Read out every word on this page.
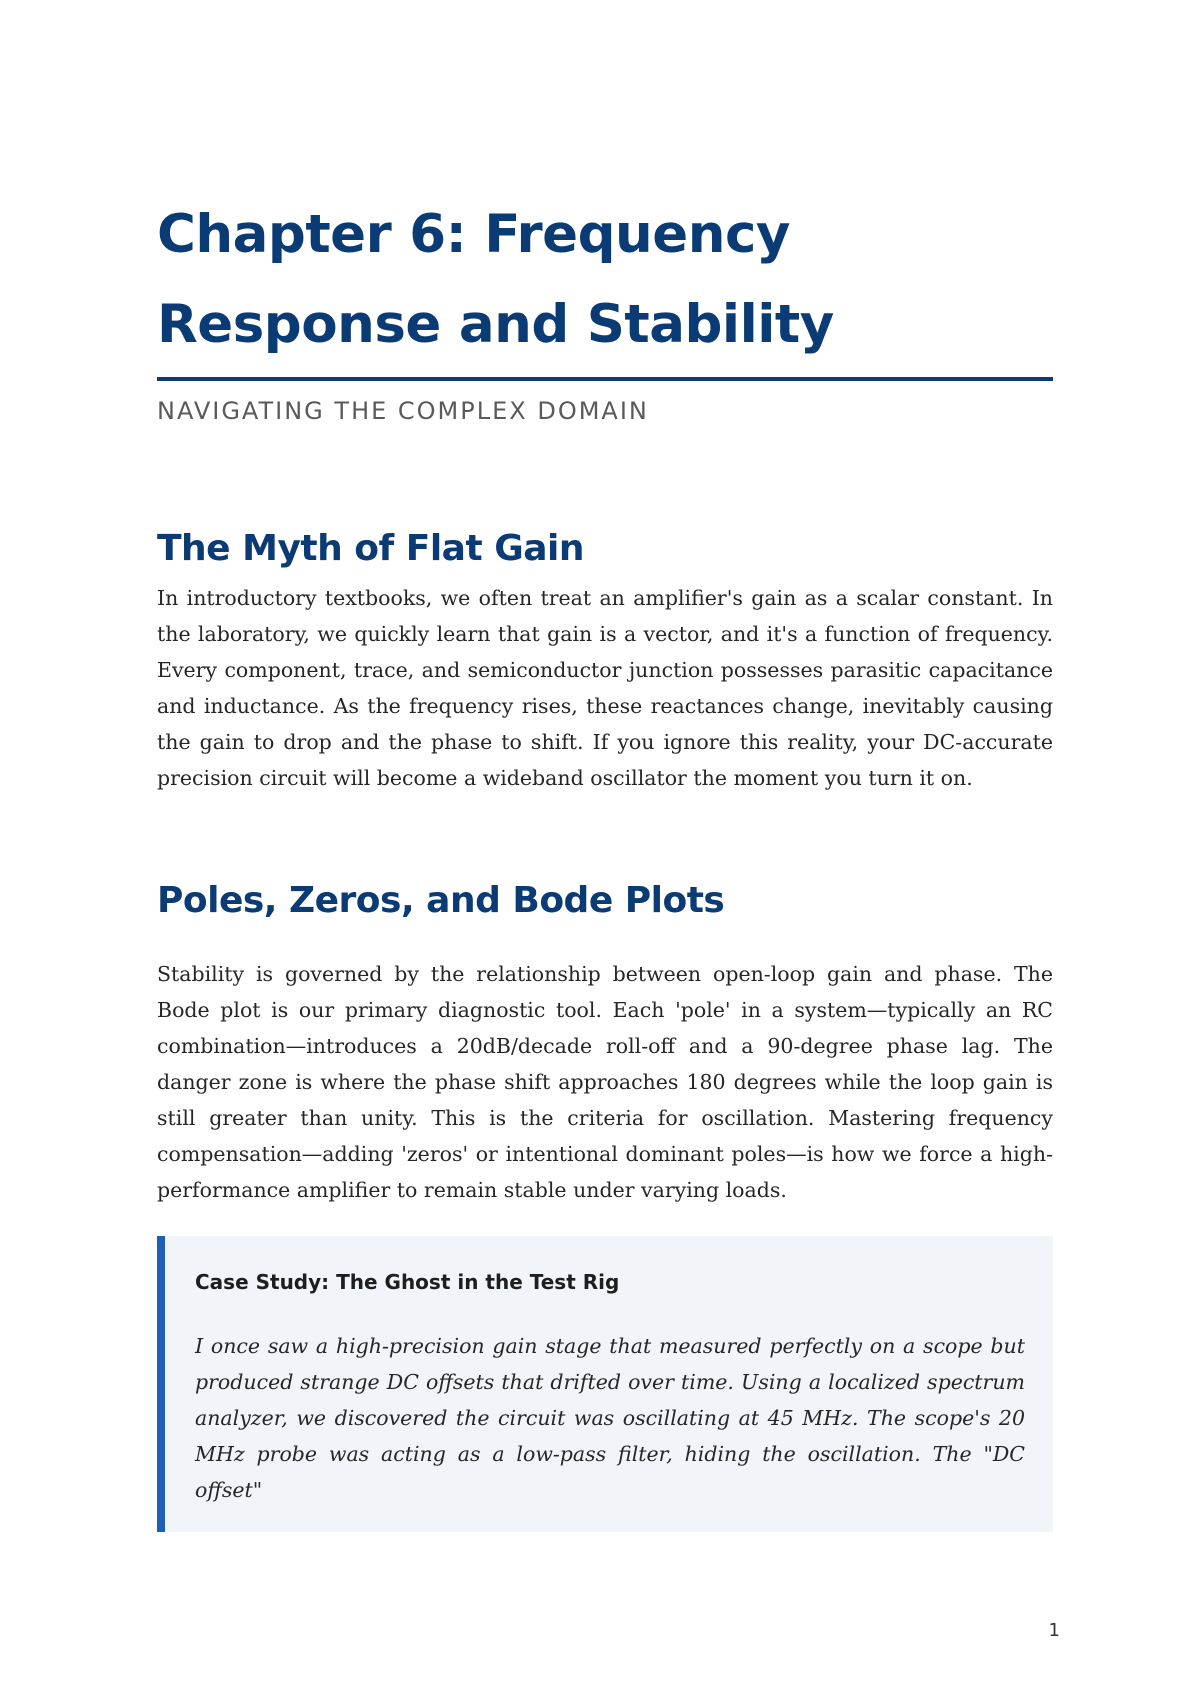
Chapter 6: Frequency
Response and Stability
NAVIGATING THE COMPLEX DOMAIN
The Myth of Flat Gain

In introductory textbooks, we often treat an amplifier's gain as a scalar constant. In the laboratory, we quickly learn that gain is a vector, and it's a function of frequency. Every component, trace, and semiconductor junction possesses parasitic capacitance and inductance. As the frequency rises, these reactances change, inevitably causing the gain to drop and the phase to shift. If you ignore this reality, your DC-accurate precision circuit will become a wideband oscillator the moment you turn it on.

Poles, Zeros, and Bode Plots

Stability is governed by the relationship between open-loop gain and phase. The Bode plot is our primary diagnostic tool. Each 'pole' in a system—typically an RC combination—introduces a 20dB/decade roll-off and a 90-degree phase lag. The danger zone is where the phase shift approaches 180 degrees while the loop gain is still greater than unity. This is the criteria for oscillation. Mastering frequency compensation—adding 'zeros' or intentional dominant poles—is how we force a high-performance amplifier to remain stable under varying loads.

Case Study: The Ghost in the Test Rig

I once saw a high-precision gain stage that measured perfectly on a scope but produced strange DC offsets that drifted over time. Using a localized spectrum analyzer, we discovered the circuit was oscillating at 45 MHz. The scope's 20 MHz probe was acting as a low-pass filter, hiding the oscillation. The "DC offset"

1
